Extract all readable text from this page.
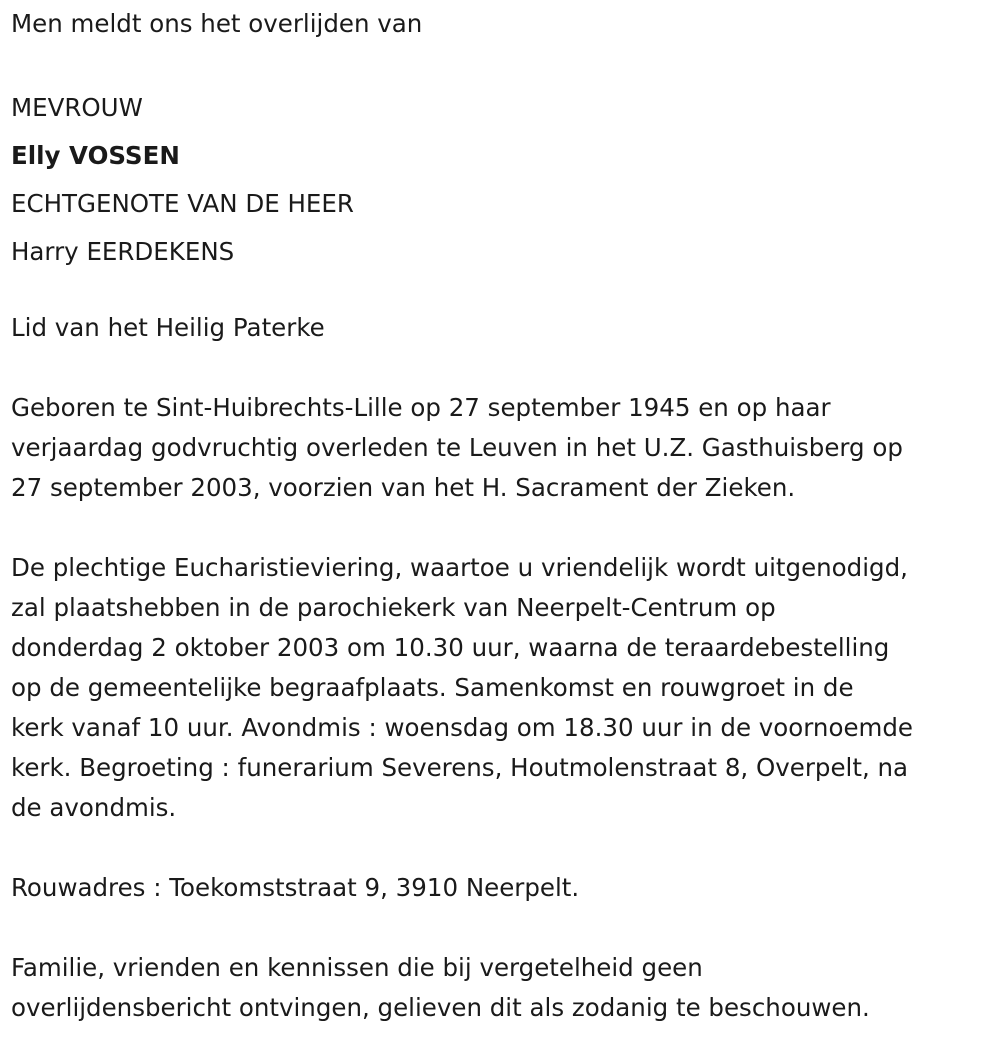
Men meldt ons het overlijden van

MEVROUW
Elly VOSSEN
ECHTGENOTE VAN DE HEER
Harry EERDEKENS

Lid van het Heilig Paterke

Geboren te Sint-Huibrechts-Lille op 27 september 1945 en op haar
verjaardag godvruchtig overleden te Leuven in het U.Z. Gasthuisberg op
27 september 2003, voorzien van het H. Sacrament der Zieken.

De plechtige Eucharistieviering, waartoe u vriendelijk wordt uitgenodigd,
zal plaatshebben in de parochiekerk van Neerpelt-Centrum op
donderdag 2 oktober 2003 om 10.30 uur, waarna de teraardebestelling
op de gemeentelijke begraafplaats. Samenkomst en rouwgroet in de
kerk vanaf 10 uur. Avondmis : woensdag om 18.30 uur in de voornoemde
kerk. Begroeting : funerarium Severens, Houtmolenstraat 8, Overpelt, na
de avondmis.

Rouwadres : Toekomststraat 9, 3910 Neerpelt.

Familie, vrienden en kennissen die bij vergetelheid geen
overlijdensbericht ontvingen, gelieven dit als zodanig te beschouwen.
